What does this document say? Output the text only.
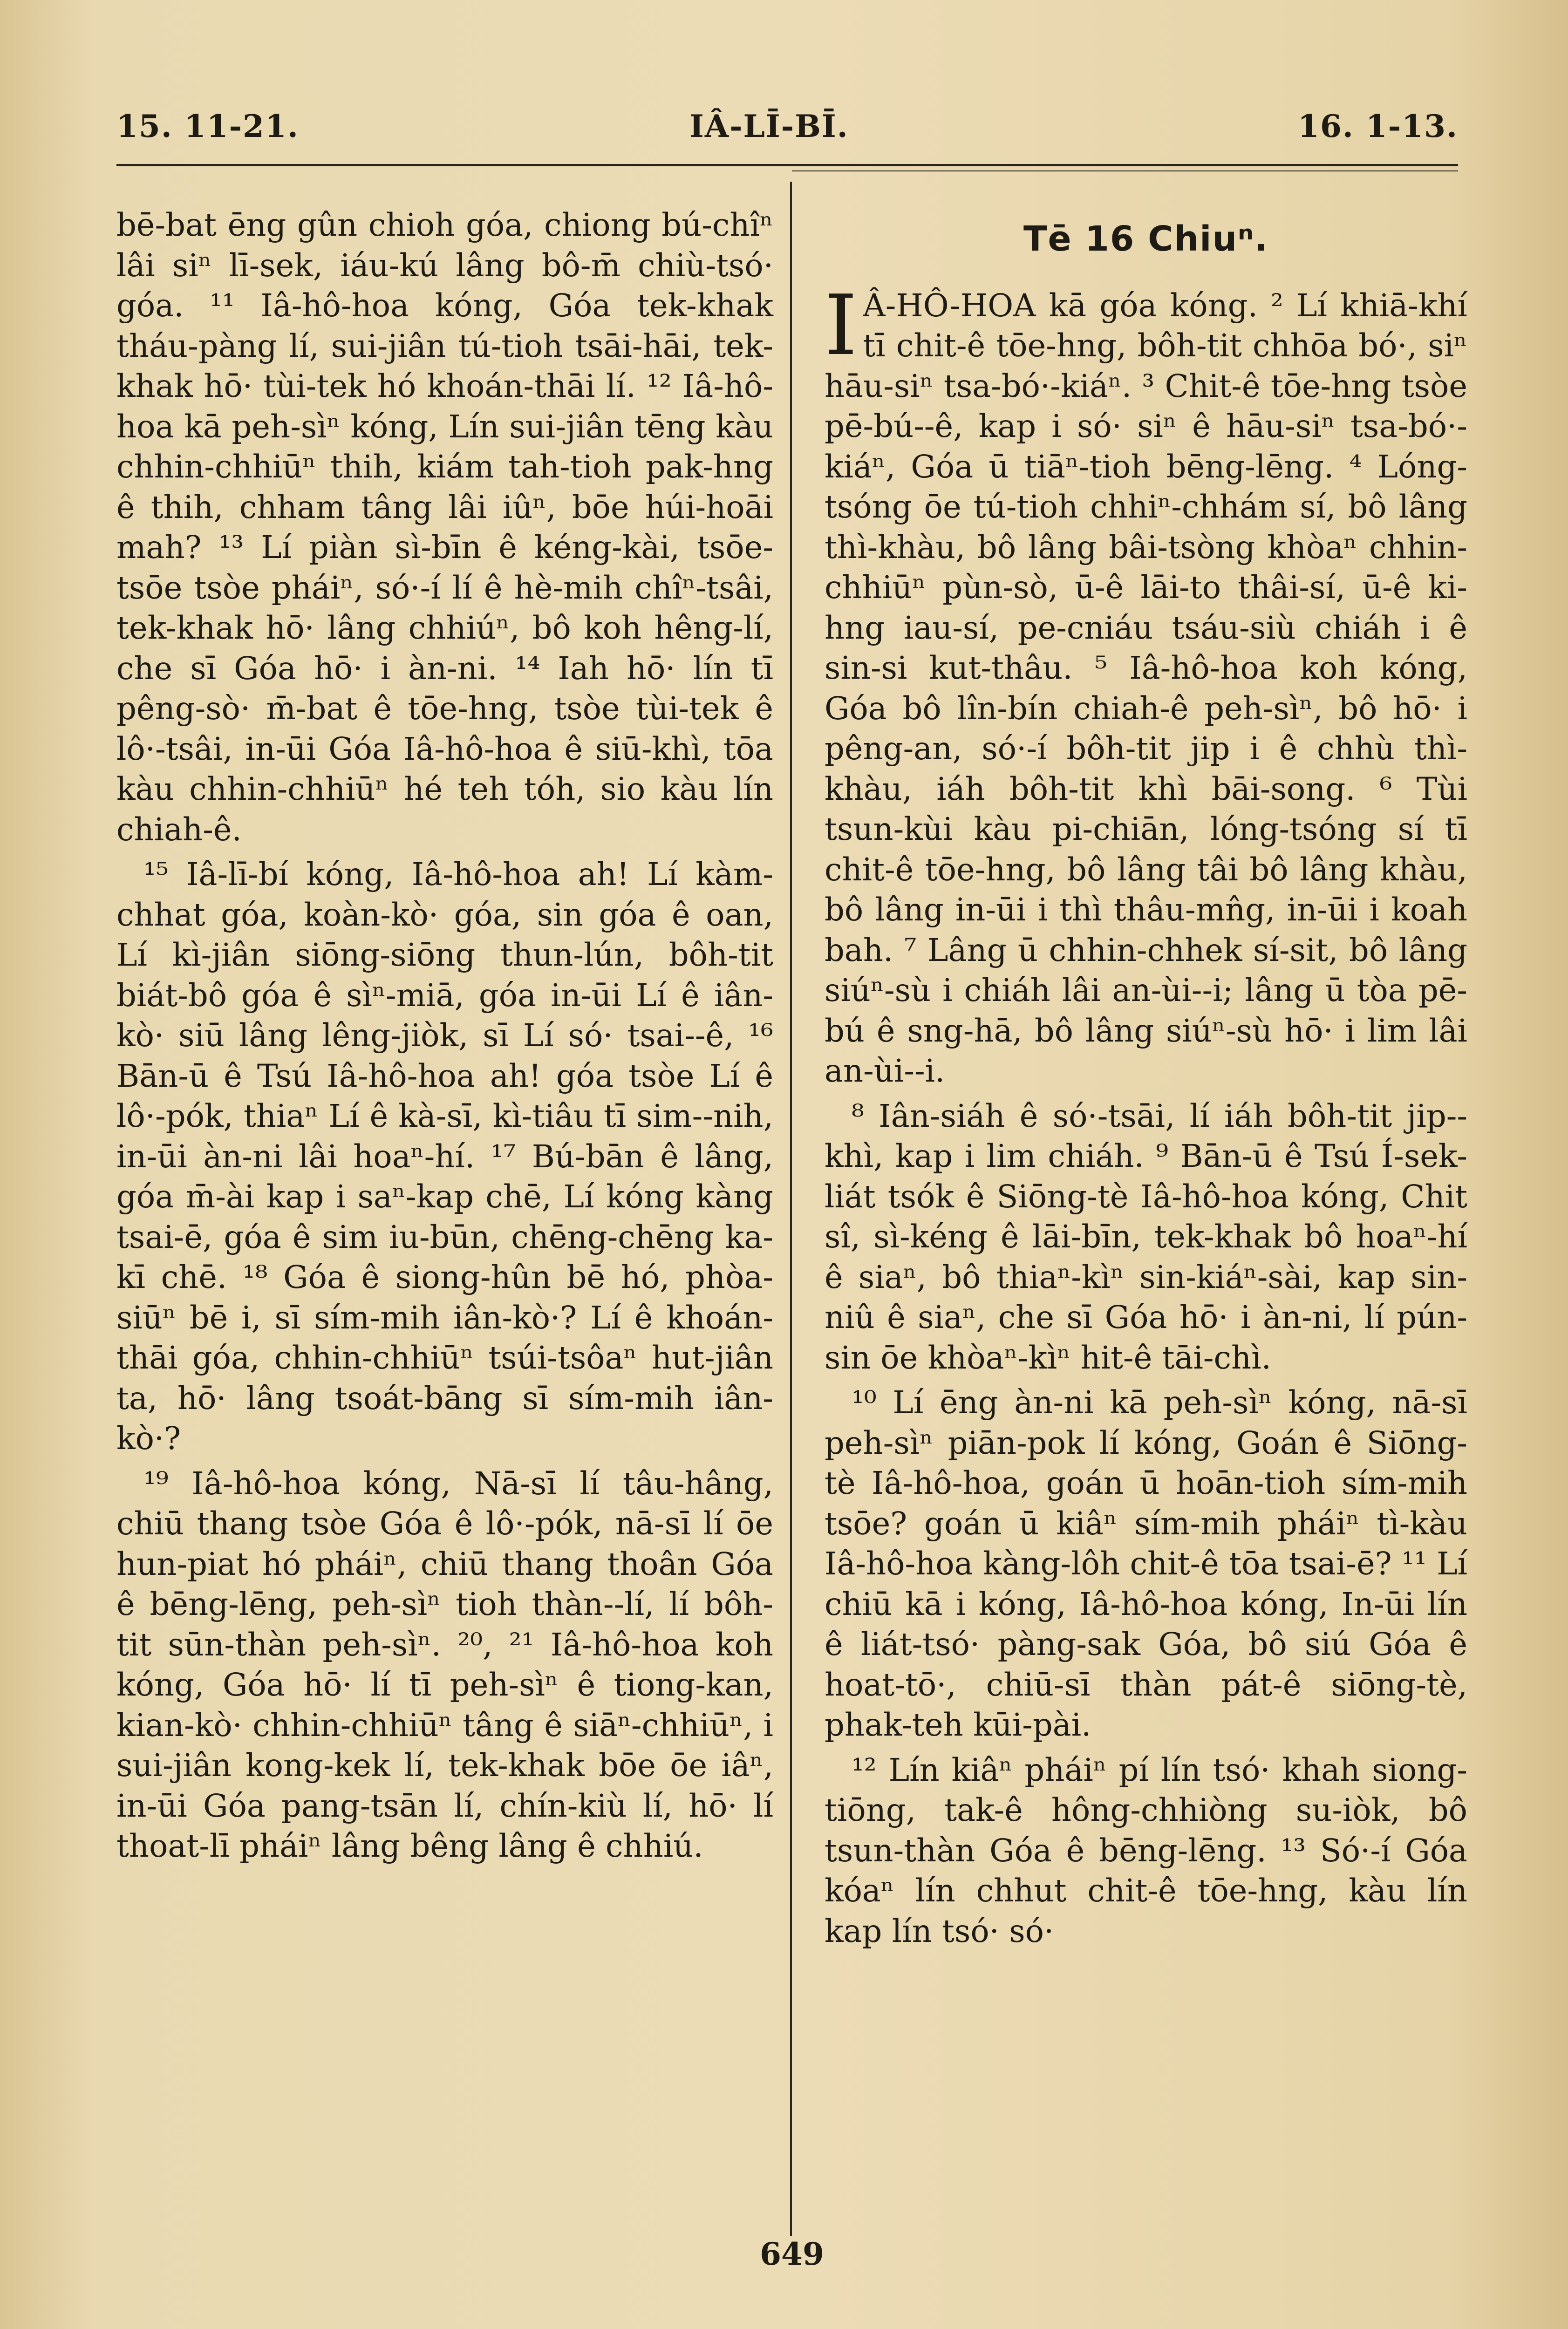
15. 11-21.	IÂ-LĪ-BĪ.	16. 1-13.

bē-bat ēng gûn chioh góa, chiong bú-chîⁿ lâi siⁿ lī-sek, iáu-kú lâng bô-m̄ chiù-tsó· góa. ¹¹ Iâ-hô-hoa kóng, Góa tek-khak tháu-pàng lí, sui-jiân tú-tioh tsāi-hāi, tek-khak hō· tùi-tek hó khoán-thāi lí. ¹² Iâ-hô-hoa kā peh-sìⁿ kóng, Lín sui-jiân tēng kàu chhin-chhiūⁿ thih, kiám tah-tioh pak-hng ê thih, chham tâng lâi iûⁿ, bōe húi-hoāi mah? ¹³ Lí piàn sì-bīn ê kéng-kài, tsōe-tsōe tsòe pháiⁿ, só·-í lí ê hè-mih chîⁿ-tsâi, tek-khak hō· lâng chhiúⁿ, bô koh hêng-lí, che sī Góa hō· i àn-ni. ¹⁴ Iah hō· lín tī pêng-sò· m̄-bat ê tōe-hng, tsòe tùi-tek ê lô·-tsâi, in-ūi Góa Iâ-hô-hoa ê siū-khì, tōa kàu chhin-chhiūⁿ hé teh tóh, sio kàu lín chiah-ê.

¹⁵ Iâ-lī-bí kóng, Iâ-hô-hoa ah! Lí kàm-chhat góa, koàn-kò· góa, sin góa ê oan, Lí kì-jiân siōng-siōng thun-lún, bôh-tit biát-bô góa ê sìⁿ-miā, góa in-ūi Lí ê iân-kò· siū lâng lêng-jiòk, sī Lí só· tsai--ê, ¹⁶ Bān-ū ê Tsú Iâ-hô-hoa ah! góa tsòe Lí ê lô·-pók, thiaⁿ Lí ê kà-sī, kì-tiâu tī sim--nih, in-ūi àn-ni lâi hoaⁿ-hí. ¹⁷ Bú-bān ê lâng, góa m̄-ài kap i saⁿ-kap chē, Lí kóng kàng tsai-ē, góa ê sim iu-būn, chēng-chēng ka-kī chē. ¹⁸ Góa ê siong-hûn bē hó, phòa-siūⁿ bē i, sī sím-mih iân-kò·? Lí ê khoán-thāi góa, chhin-chhiūⁿ tsúi-tsôaⁿ hut-jiân ta, hō· lâng tsoát-bāng sī sím-mih iân-kò·?

¹⁹ Iâ-hô-hoa kóng, Nā-sī lí tâu-hâng, chiū thang tsòe Góa ê lô·-pók, nā-sī lí ōe hun-piat hó pháiⁿ, chiū thang thoân Góa ê bēng-lēng, peh-sìⁿ tioh thàn--lí, lí bôh-tit sūn-thàn peh-sìⁿ. ²⁰, ²¹ Iâ-hô-hoa koh kóng, Góa hō· lí tī peh-sìⁿ ê tiong-kan, kian-kò· chhin-chhiūⁿ tâng ê siāⁿ-chhiūⁿ, i sui-jiân kong-kek lí, tek-khak bōe ōe iâⁿ, in-ūi Góa pang-tsān lí, chín-kiù lí, hō· lí thoat-lī pháiⁿ lâng bêng lâng ê chhiú.

Tē 16 Chiuⁿ.

I Â-HÔ-HOA kā góa kóng. ² Lí khiā-khí tī chit-ê tōe-hng, bôh-tit chhōa bó·, siⁿ hāu-siⁿ tsa-bó·-kiáⁿ. ³ Chit-ê tōe-hng tsòe pē-bú--ê, kap i só· siⁿ ê hāu-siⁿ tsa-bó·-kiáⁿ, Góa ū tiāⁿ-tioh bēng-lēng. ⁴ Lóng-tsóng ōe tú-tioh chhiⁿ-chhám sí, bô lâng thì-khàu, bô lâng bâi-tsòng khòaⁿ chhin-chhiūⁿ pùn-sò, ū-ê lāi-to thâi-sí, ū-ê ki-hng iau-sí, pe-cniáu tsáu-siù chiáh i ê sin-si kut-thâu. ⁵ Iâ-hô-hoa koh kóng, Góa bô lîn-bín chiah-ê peh-sìⁿ, bô hō· i pêng-an, só·-í bôh-tit jip i ê chhù thì-khàu, iáh bôh-tit khì bāi-song. ⁶ Tùi tsun-kùi kàu pi-chiān, lóng-tsóng sí tī chit-ê tōe-hng, bô lâng tâi bô lâng khàu, bô lâng in-ūi i thì thâu-mn̂g, in-ūi i koah bah. ⁷ Lâng ū chhin-chhek sí-sit, bô lâng siúⁿ-sù i chiáh lâi an-ùi--i; lâng ū tòa pē-bú ê sng-hā, bô lâng siúⁿ-sù hō· i lim lâi an-ùi--i.

⁸ Iân-siáh ê só·-tsāi, lí iáh bôh-tit jip--khì, kap i lim chiáh. ⁹ Bān-ū ê Tsú Í-sek-liát tsók ê Siōng-tè Iâ-hô-hoa kóng, Chit sî, sì-kéng ê lāi-bīn, tek-khak bô hoaⁿ-hí ê siaⁿ, bô thiaⁿ-kìⁿ sin-kiáⁿ-sài, kap sin-niû ê siaⁿ, che sī Góa hō· i àn-ni, lí pún-sin ōe khòaⁿ-kìⁿ hit-ê tāi-chì.

¹⁰ Lí ēng àn-ni kā peh-sìⁿ kóng, nā-sī peh-sìⁿ piān-pok lí kóng, Goán ê Siōng-tè Iâ-hô-hoa, goán ū hoān-tioh sím-mih tsōe? goán ū kiâⁿ sím-mih pháiⁿ tì-kàu Iâ-hô-hoa kàng-lôh chit-ê tōa tsai-ē? ¹¹ Lí chiū kā i kóng, Iâ-hô-hoa kóng, In-ūi lín ê liát-tsó· pàng-sak Góa, bô siú Góa ê hoat-tō·, chiū-sī thàn pát-ê siōng-tè, phak-teh kūi-pài.

¹² Lín kiâⁿ pháiⁿ pí lín tsó· khah siong-tiōng, tak-ê hông-chhiòng su-iòk, bô tsun-thàn Góa ê bēng-lēng. ¹³ Só·-í Góa kóaⁿ lín chhut chit-ê tōe-hng, kàu lín kap lín tsó· só·

649
